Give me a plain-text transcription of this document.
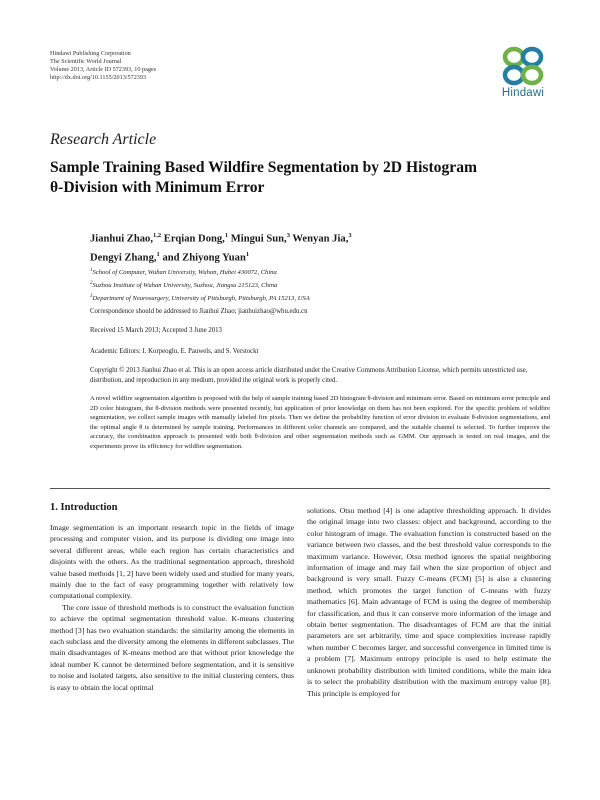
Hindawi Publishing Corporation
The Scientific World Journal
Volume 2013, Article ID 572393, 10 pages
http://dx.doi.org/10.1155/2013/572393
Hindawi
Research Article
Sample Training Based Wildfire Segmentation by 2D Histogram
θ-Division with Minimum Error
Jianhui Zhao,$^{1,2}$ Erqian Dong,$^1$ Mingui Sun,$^3$ Wenyan Jia,$^3$
Dengyi Zhang,$^1$ and Zhiyong Yuan$^1$
$^1$School of Computer, Wuhan University, Wuhan, Hubei 430072, China
$^2$Suzhou Institute of Wuhan University, Suzhou, Jiangsu 215123, China
$^3$Department of Neurosurgery, University of Pittsburgh, Pittsburgh, PA 15213, USA
Correspondence should be addressed to Jianhui Zhao; jianhuizhao@whu.edu.cn
Received 15 March 2013; Accepted 3 June 2013
Academic Editors: I. Korpeoglu, E. Pauwels, and S. Verstockt
Copyright © 2013 Jianhui Zhao et al. This is an open access article distributed under the Creative Commons Attribution License, which permits unrestricted use, distribution, and reproduction in any medium, provided the original work is properly cited.
A novel wildfire segmentation algorithm is proposed with the help of sample training based 2D histogram θ-division and minimum error. Based on minimum error principle and 2D color histogram, the θ-division methods were presented recently, but application of prior knowledge on them has not been explored. For the specific problem of wildfire segmentation, we collect sample images with manually labeled fire pixels. Then we define the probability function of error division to evaluate θ-division segmentations, and the optimal angle θ is determined by sample training. Performances in different color channels are compared, and the suitable channel is selected. To further improve the accuracy, the combination approach is presented with both θ-division and other segmentation methods such as GMM. Our approach is tested on real images, and the experiments prove its efficiency for wildfire segmentation.
1. Introduction

Image segmentation is an important research topic in the fields of image processing and computer vision, and its purpose is dividing one image into several different areas, while each region has certain characteristics and disjoints with the others. As the traditional segmentation approach, threshold value based methods [1, 2] have been widely used and studied for many years, mainly due to the fact of easy programming together with relatively low computational complexity.

The core issue of threshold methods is to construct the evaluation function to achieve the optimal segmentation threshold value. K-means clustering method [3] has two evaluation standards: the similarity among the elements in each subclass and the diversity among the elements in different subclasses. The main disadvantages of K-means method are that without prior knowledge the ideal number K cannot be determined before segmentation, and it is sensitive to noise and isolated targets, also sensitive to the initial clustering centers, thus is easy to obtain the local optimal

solutions. Otsu method [4] is one adaptive thresholding approach. It divides the original image into two classes: object and background, according to the color histogram of image. The evaluation function is constructed based on the variance between two classes, and the best threshold value corresponds to the maximum variance. However, Otsu method ignores the spatial neighboring information of image and may fail when the size proportion of object and background is very small. Fuzzy C-means (FCM) [5] is also a clustering method, which promotes the target function of C-means with fuzzy mathematics [6]. Main advantage of FCM is using the degree of membership for classification, and thus it can conserve more information of the image and obtain better segmentation. The disadvantages of FCM are that the initial parameters are set arbitrarily, time and space complexities increase rapidly when number C becomes larger, and successful convergence in limited time is a problem [7]. Maximum entropy principle is used to help estimate the unknown probability distribution with limited conditions, while the main idea is to select the probability distribution with the maximum entropy value [8]. This principle is employed for
